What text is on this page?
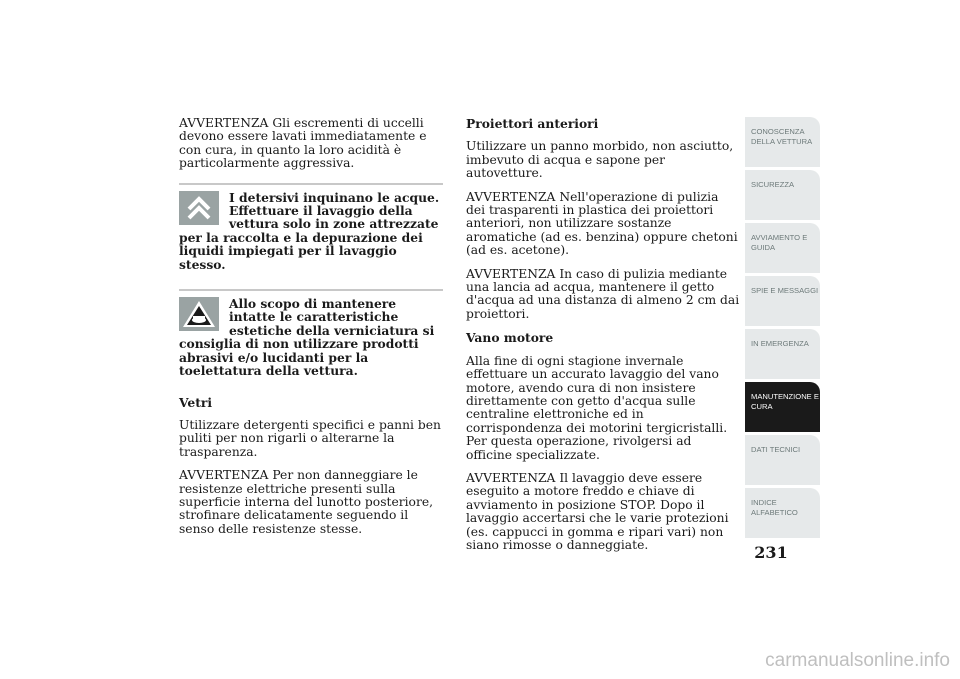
AVVERTENZA Gli escrementi di uccelli devono essere lavati immediatamente e con cura, in quanto la loro acidità è particolarmente aggressiva.

I detersivi inquinano le acque. Effettuare il lavaggio della vettura solo in zone attrezzate per la raccolta e la depurazione dei liquidi impiegati per il lavaggio stesso.
Allo scopo di mantenere intatte le caratteristiche estetiche della verniciatura si consiglia di non utilizzare prodotti abrasivi e/o lucidanti per la toelettatura della vettura.

Vetri

Utilizzare detergenti specifici e panni ben puliti per non rigarli o alterarne la trasparenza.

AVVERTENZA Per non danneggiare le resistenze elettriche presenti sulla superficie interna del lunotto posteriore, strofinare delicatamente seguendo il senso delle resistenze stesse.

Proiettori anteriori

Utilizzare un panno morbido, non asciutto, imbevuto di acqua e sapone per autovetture.

AVVERTENZA Nell'operazione di pulizia dei trasparenti in plastica dei proiettori anteriori, non utilizzare sostanze aromatiche (ad es. benzina) oppure chetoni (ad es. acetone).

AVVERTENZA In caso di pulizia mediante una lancia ad acqua, mantenere il getto d'acqua ad una distanza di almeno 2 cm dai proiettori.

Vano motore

Alla fine di ogni stagione invernale effettuare un accurato lavaggio del vano motore, avendo cura di non insistere direttamente con getto d'acqua sulle centraline elettroniche ed in corrispondenza dei motorini tergicristalli. Per questa operazione, rivolgersi ad officine specializzate.

AVVERTENZA Il lavaggio deve essere eseguito a motore freddo e chiave di avviamento in posizione STOP. Dopo il lavaggio accertarsi che le varie protezioni (es. cappucci in gomma e ripari vari) non siano rimosse o danneggiate.

CONOSCENZA DELLA VETTURA
SICUREZZA
AVVIAMENTO E GUIDA
SPIE E MESSAGGI
IN EMERGENZA
MANUTENZIONE E CURA
DATI TECNICI
INDICE ALFABETICO
231
carmanualsonline.info
